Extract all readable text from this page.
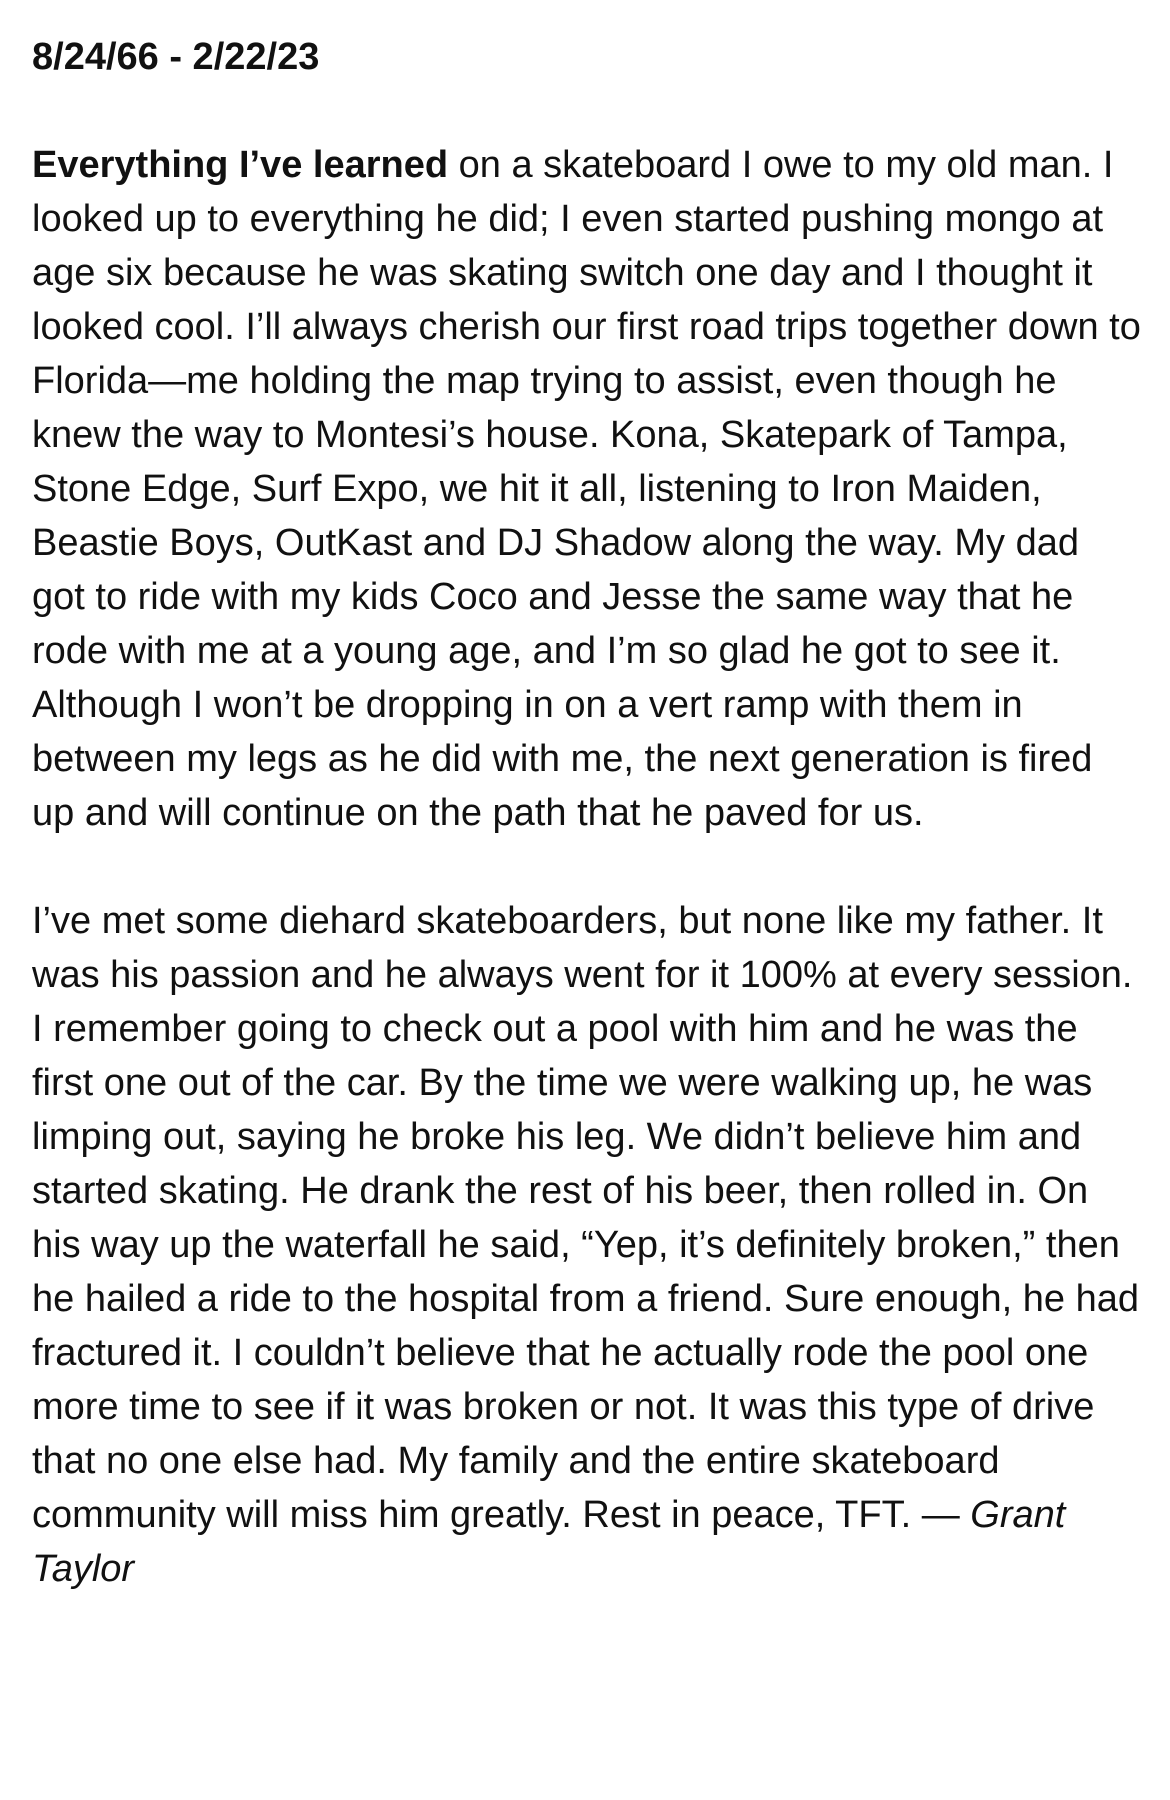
8/24/66 - 2/22/23

Everything I’ve learned on a skateboard I owe to my old man. I looked up to everything he did; I even started pushing mongo at age six because he was skating switch one day and I thought it looked cool. I’ll always cherish our first road trips together down to Florida—me holding the map trying to assist, even though he knew the way to Montesi’s house. Kona, Skatepark of Tampa, Stone Edge, Surf Expo, we hit it all, listening to Iron Maiden, Beastie Boys, OutKast and DJ Shadow along the way. My dad got to ride with my kids Coco and Jesse the same way that he rode with me at a young age, and I’m so glad he got to see it. Although I won’t be dropping in on a vert ramp with them in between my legs as he did with me, the next generation is fired up and will continue on the path that he paved for us.

I’ve met some diehard skateboarders, but none like my father. It was his passion and he always went for it 100% at every session. I remember going to check out a pool with him and he was the first one out of the car. By the time we were walking up, he was limping out, saying he broke his leg. We didn’t believe him and started skating. He drank the rest of his beer, then rolled in. On his way up the waterfall he said, “Yep, it’s definitely broken,” then he hailed a ride to the hospital from a friend. Sure enough, he had fractured it. I couldn’t believe that he actually rode the pool one more time to see if it was broken or not. It was this type of drive that no one else had. My family and the entire skateboard community will miss him greatly. Rest in peace, TFT. — Grant Taylor
